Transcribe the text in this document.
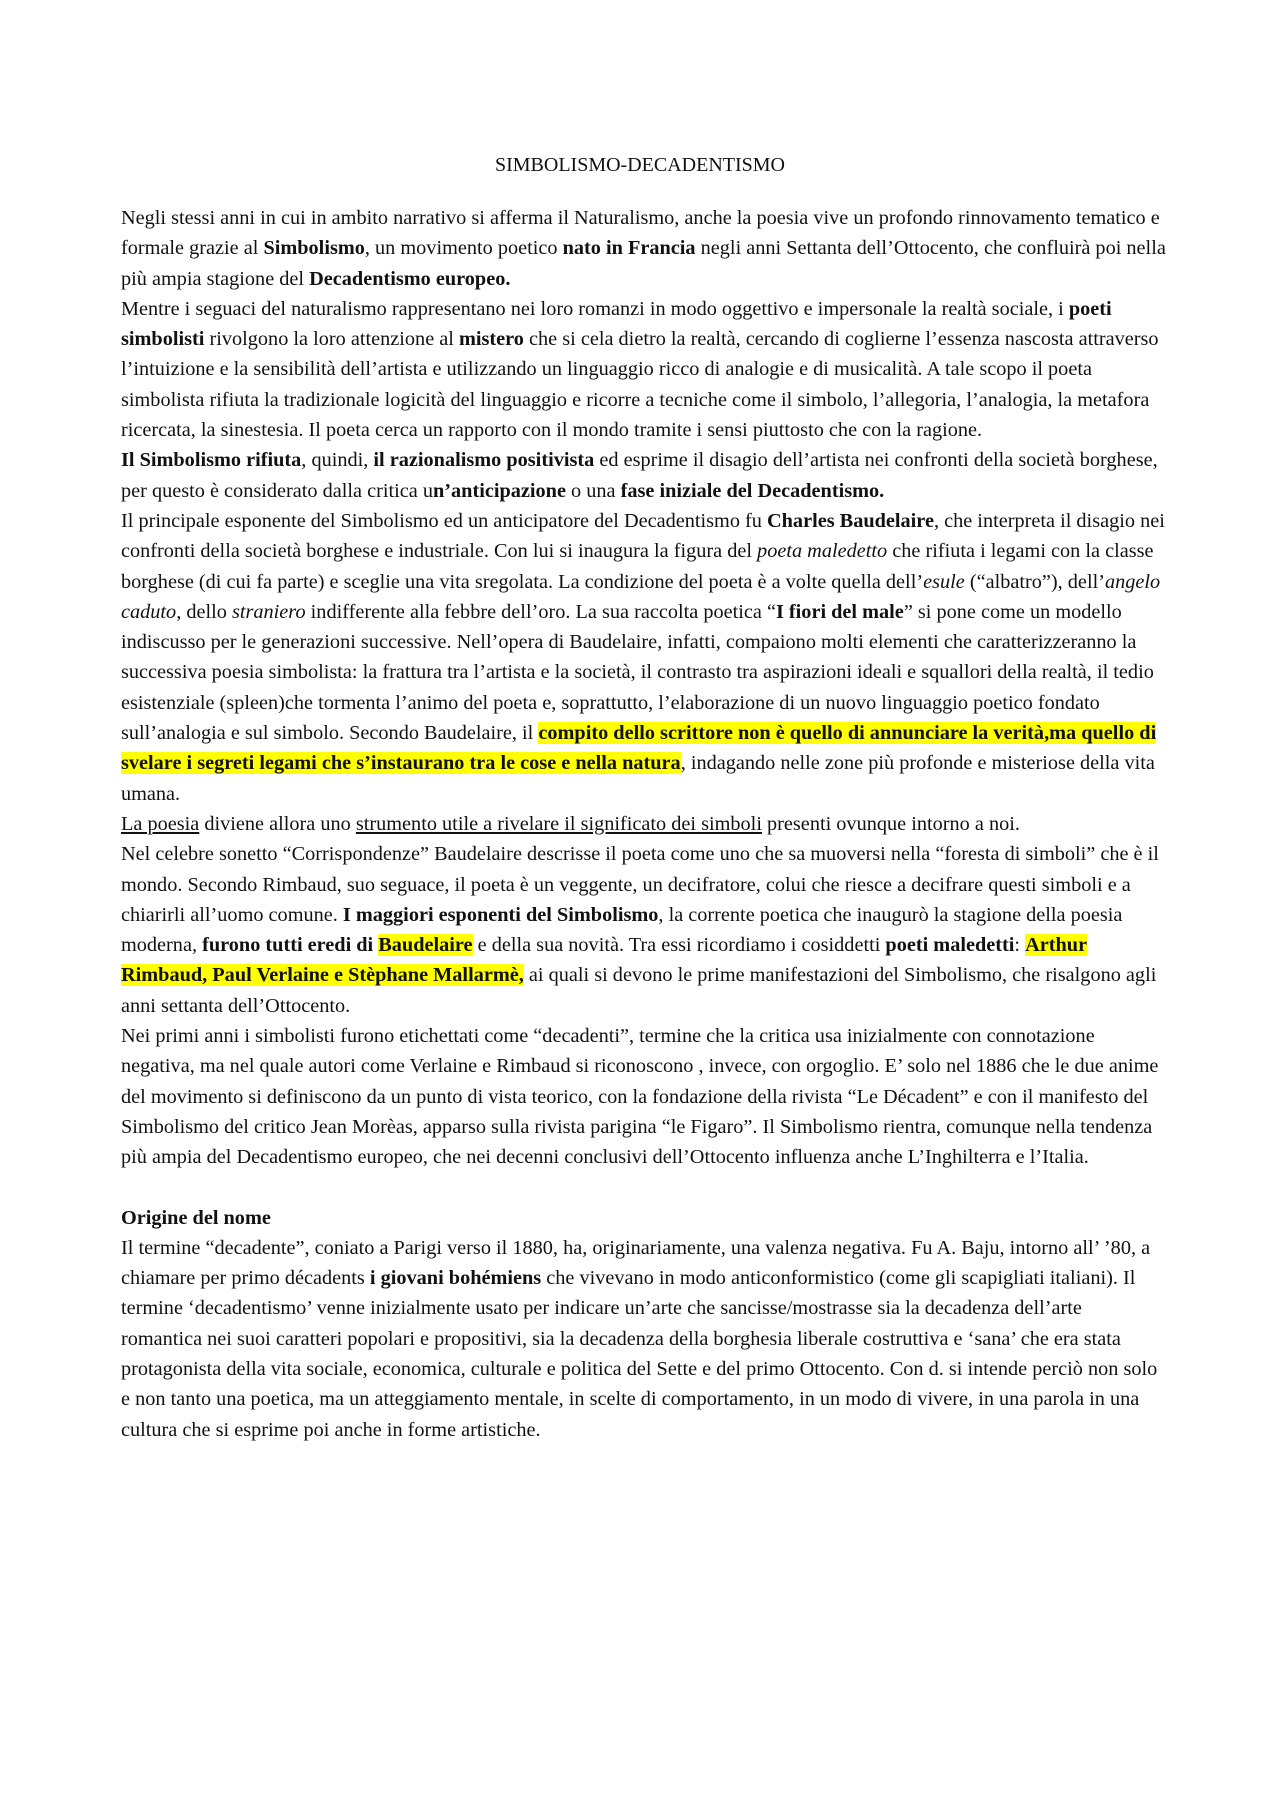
SIMBOLISMO-DECADENTISMO

Negli stessi anni in cui in ambito narrativo si afferma il Naturalismo, anche la poesia vive un profondo rinnovamento tematico e formale grazie al Simbolismo, un movimento poetico nato in Francia negli anni Settanta dell’Ottocento, che confluirà poi nella più ampia stagione del Decadentismo europeo.

Mentre i seguaci del naturalismo rappresentano nei loro romanzi in modo oggettivo e impersonale la realtà sociale, i poeti simbolisti rivolgono la loro attenzione al mistero che si cela dietro la realtà, cercando di coglierne l’essenza nascosta attraverso l’intuizione e la sensibilità dell’artista e utilizzando un linguaggio ricco di analogie e di musicalità. A tale scopo il poeta simbolista rifiuta la tradizionale logicità del linguaggio e ricorre a tecniche come il simbolo, l’allegoria, l’analogia, la metafora ricercata, la sinestesia. Il poeta cerca un rapporto con il mondo tramite i sensi piuttosto che con la ragione.

Il Simbolismo rifiuta, quindi, il razionalismo positivista ed esprime il disagio dell’artista nei confronti della società borghese, per questo è considerato dalla critica un’anticipazione o una fase iniziale del Decadentismo.

Il principale esponente del Simbolismo ed un anticipatore del Decadentismo fu Charles Baudelaire, che interpreta il disagio nei confronti della società borghese e industriale. Con lui si inaugura la figura del poeta maledetto che rifiuta i legami con la classe borghese (di cui fa parte) e sceglie una vita sregolata. La condizione del poeta è a volte quella dell’esule (“albatro”), dell’angelo caduto, dello straniero indifferente alla febbre dell’oro. La sua raccolta poetica “I fiori del male” si pone come un modello indiscusso per le generazioni successive. Nell’opera di Baudelaire, infatti, compaiono molti elementi che caratterizzeranno la successiva poesia simbolista: la frattura tra l’artista e la società, il contrasto tra aspirazioni ideali e squallori della realtà, il tedio esistenziale (spleen)che tormenta l’animo del poeta e, soprattutto, l’elaborazione di un nuovo linguaggio poetico fondato sull’analogia e sul simbolo. Secondo Baudelaire, il compito dello scrittore non è quello di annunciare la verità,ma quello di svelare i segreti legami che s’instaurano tra le cose e nella natura, indagando nelle zone più profonde e misteriose della vita umana.

La poesia diviene allora uno strumento utile a rivelare il significato dei simboli presenti ovunque intorno a noi.

Nel celebre sonetto “Corrispondenze” Baudelaire descrisse il poeta come uno che sa muoversi nella “foresta di simboli” che è il mondo. Secondo Rimbaud, suo seguace, il poeta è un veggente, un decifratore, colui che riesce a decifrare questi simboli e a chiarirli all’uomo comune. I maggiori esponenti del Simbolismo, la corrente poetica che inaugurò la stagione della poesia moderna, furono tutti eredi di Baudelaire e della sua novità. Tra essi ricordiamo i cosiddetti poeti maledetti: Arthur Rimbaud, Paul Verlaine e Stèphane Mallarmè, ai quali si devono le prime manifestazioni del Simbolismo, che risalgono agli anni settanta dell’Ottocento.

Nei primi anni i simbolisti furono etichettati come “decadenti”, termine che la critica usa inizialmente con connotazione negativa, ma nel quale autori come Verlaine e Rimbaud si riconoscono , invece, con orgoglio. E’ solo nel 1886 che le due anime del movimento si definiscono da un punto di vista teorico, con la fondazione della rivista “Le Décadent” e con il manifesto del Simbolismo del critico Jean Morèas, apparso sulla rivista parigina “le Figaro”. Il Simbolismo rientra, comunque nella tendenza più ampia del Decadentismo europeo, che nei decenni conclusivi dell’Ottocento influenza anche L’Inghilterra e l’Italia.

Origine del nome

Il termine “decadente”, coniato a Parigi verso il 1880, ha, originariamente, una valenza negativa. Fu A. Baju, intorno all’ ’80, a chiamare per primo décadents i giovani bohémiens che vivevano in modo anticonformistico (come gli scapigliati italiani). Il termine ‘decadentismo’ venne inizialmente usato per indicare un’arte che sancisse/mostrasse sia la decadenza dell’arte romantica nei suoi caratteri popolari e propositivi, sia la decadenza della borghesia liberale costruttiva e ‘sana’ che era stata protagonista della vita sociale, economica, culturale e politica del Sette e del primo Ottocento. Con d. si intende perciò non solo e non tanto una poetica, ma un atteggiamento mentale, in scelte di comportamento, in un modo di vivere, in una parola in una cultura che si esprime poi anche in forme artistiche.
